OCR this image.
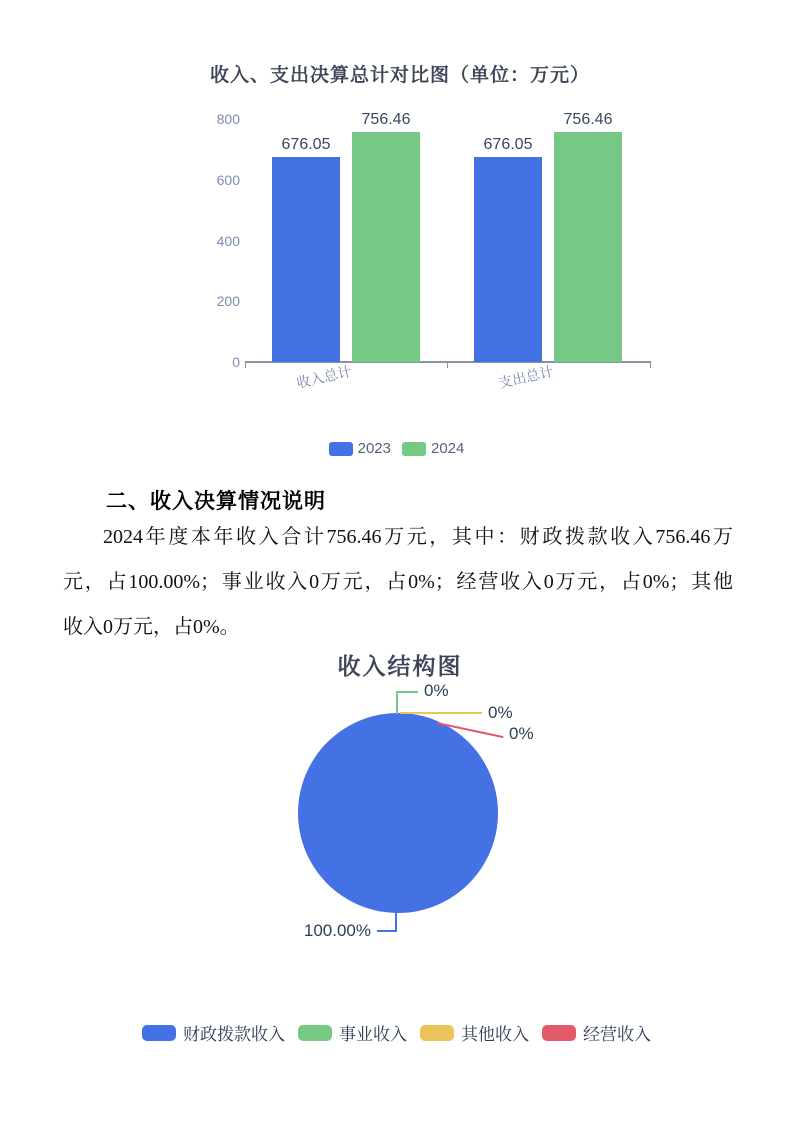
收入、支出决算总计对比图（单位：万元）
0
200
400
600
800
676.05
756.46
676.05
756.46
收入总计	支出总计
2023	2024
二、收入决算情况说明
2024年度本年收入合计756.46万元，其中：财政拨款收入756.46万
元，占100.00%；事业收入0万元，占0%；经营收入0万元，占0%；其他
收入0万元，占0%。
收入结构图
0%
0%
0%
100.00%
财政拨款收入	事业收入	其他收入	经营收入
